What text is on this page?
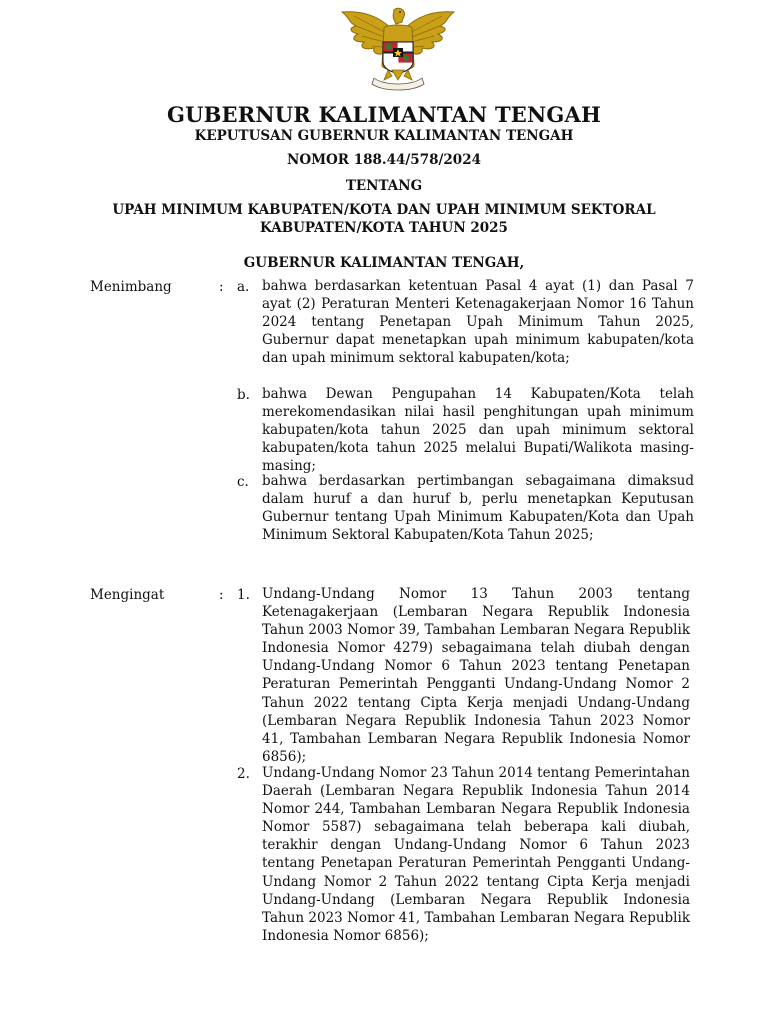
GUBERNUR KALIMANTAN TENGAH
KEPUTUSAN GUBERNUR KALIMANTAN TENGAH
NOMOR 188.44/578/2024
TENTANG
UPAH MINIMUM KABUPATEN/KOTA DAN UPAH MINIMUM SEKTORAL
KABUPATEN/KOTA TAHUN 2025
GUBERNUR KALIMANTAN TENGAH,
Menimbang	: a. bahwa berdasarkan ketentuan Pasal 4 ayat (1) dan Pasal 7 ayat (2) Peraturan Menteri Ketenagakerjaan Nomor 16 Tahun 2024 tentang Penetapan Upah Minimum Tahun 2025, Gubernur dapat menetapkan upah minimum kabupaten/kota dan upah minimum sektoral kabupaten/kota;
b. bahwa Dewan Pengupahan 14 Kabupaten/Kota telah merekomendasikan nilai hasil penghitungan upah minimum kabupaten/kota tahun 2025 dan upah minimum sektoral kabupaten/kota tahun 2025 melalui Bupati/Walikota masing-masing;
c. bahwa berdasarkan pertimbangan sebagaimana dimaksud dalam huruf a dan huruf b, perlu menetapkan Keputusan Gubernur tentang Upah Minimum Kabupaten/Kota dan Upah Minimum Sektoral Kabupaten/Kota Tahun 2025;
Mengingat	: 1. Undang-Undang Nomor 13 Tahun 2003 tentang Ketenagakerjaan (Lembaran Negara Republik Indonesia Tahun 2003 Nomor 39, Tambahan Lembaran Negara Republik Indonesia Nomor 4279) sebagaimana telah diubah dengan Undang-Undang Nomor 6 Tahun 2023 tentang Penetapan Peraturan Pemerintah Pengganti Undang-Undang Nomor 2 Tahun 2022 tentang Cipta Kerja menjadi Undang-Undang (Lembaran Negara Republik Indonesia Tahun 2023 Nomor 41, Tambahan Lembaran Negara Republik Indonesia Nomor 6856);
2. Undang-Undang Nomor 23 Tahun 2014 tentang Pemerintahan Daerah (Lembaran Negara Republik Indonesia Tahun 2014 Nomor 244, Tambahan Lembaran Negara Republik Indonesia Nomor 5587) sebagaimana telah beberapa kali diubah, terakhir dengan Undang-Undang Nomor 6 Tahun 2023 tentang Penetapan Peraturan Pemerintah Pengganti Undang-Undang Nomor 2 Tahun 2022 tentang Cipta Kerja menjadi Undang-Undang (Lembaran Negara Republik Indonesia Tahun 2023 Nomor 41, Tambahan Lembaran Negara Republik Indonesia Nomor 6856);
